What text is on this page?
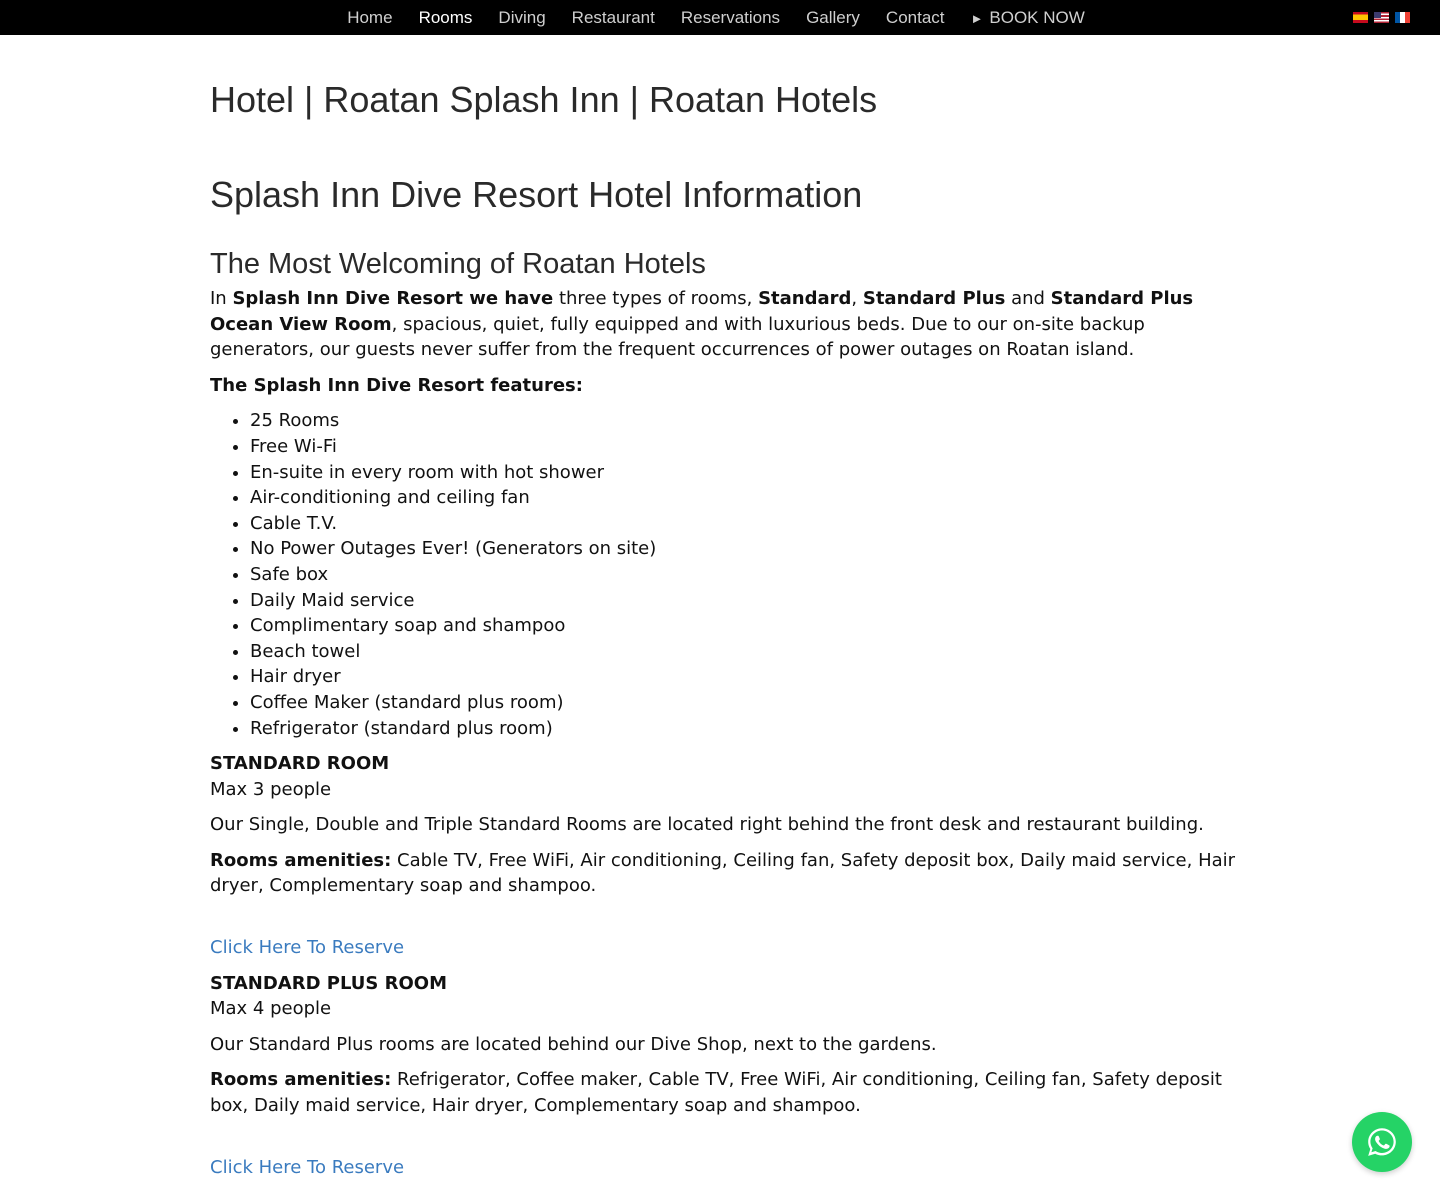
Home	Rooms	Diving	Restaurant	Reservations	Gallery	Contact	► BOOK NOW
Hotel | Roatan Splash Inn | Roatan Hotels
Splash Inn Dive Resort Hotel Information
The Most Welcoming of Roatan Hotels

In Splash Inn Dive Resort we have three types of rooms, Standard, Standard Plus and Standard Plus Ocean View Room, spacious, quiet, fully equipped and with luxurious beds. Due to our on-site backup generators, our guests never suffer from the frequent occurrences of power outages on Roatan island.

The Splash Inn Dive Resort features:

• 25 Rooms
• Free Wi-Fi
• En-suite in every room with hot shower
• Air-conditioning and ceiling fan
• Cable T.V.
• No Power Outages Ever! (Generators on site)
• Safe box
• Daily Maid service
• Complimentary soap and shampoo
• Beach towel
• Hair dryer
• Coffee Maker (standard plus room)
• Refrigerator (standard plus room)

STANDARD ROOM

Max 3 people

Our Single, Double and Triple Standard Rooms are located right behind the front desk and restaurant building.

Rooms amenities: Cable TV, Free WiFi, Air conditioning, Ceiling fan, Safety deposit box, Daily maid service, Hair dryer, Complementary soap and shampoo.

Click Here To Reserve

STANDARD PLUS ROOM

Max 4 people

Our Standard Plus rooms are located behind our Dive Shop, next to the gardens.

Rooms amenities: Refrigerator, Coffee maker, Cable TV, Free WiFi, Air conditioning, Ceiling fan, Safety deposit box, Daily maid service, Hair dryer, Complementary soap and shampoo.

Click Here To Reserve
